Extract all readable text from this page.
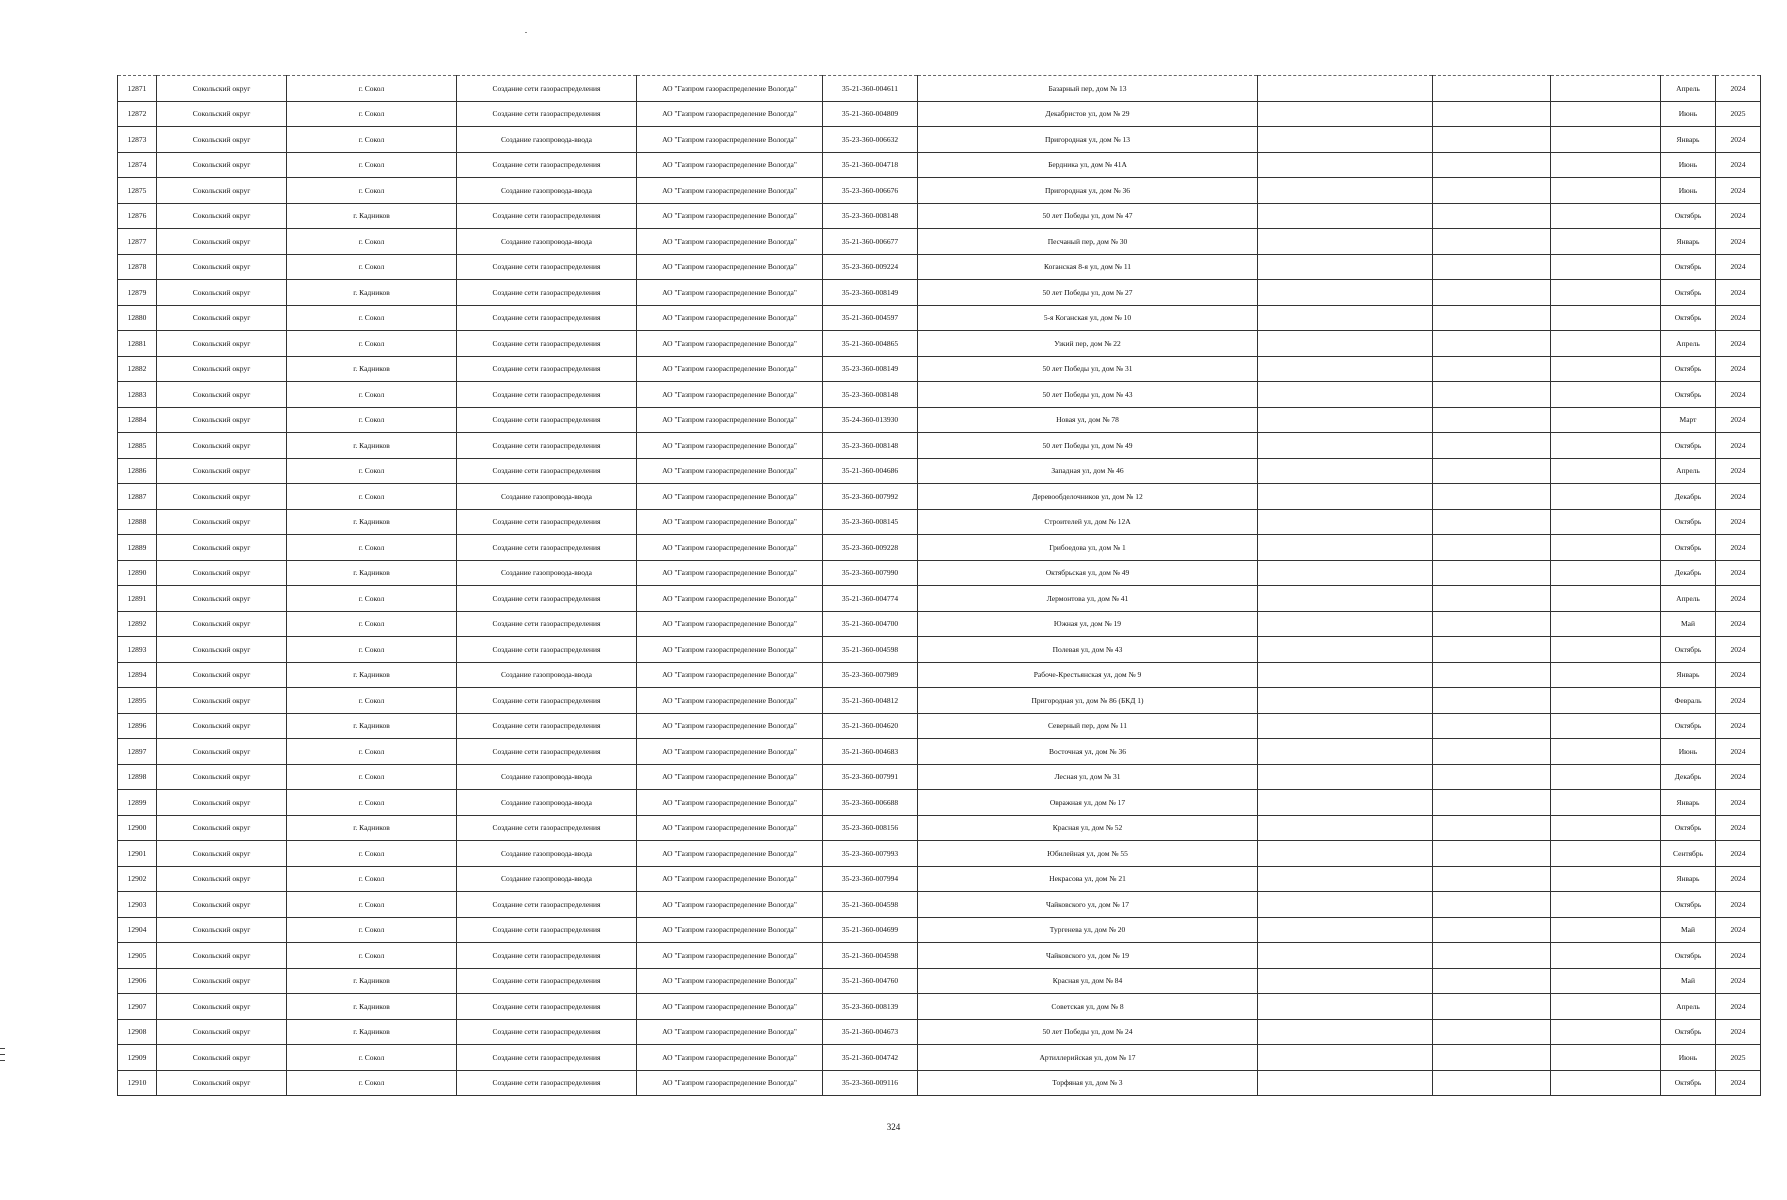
12871	Сокольский округ	г. Сокол	Создание сети газораспределения	АО "Газпром газораспределение Вологда"	35-21-360-004611	Базарный пер, дом № 13				Апрель	2024
12872	Сокольский округ	г. Сокол	Создание сети газораспределения	АО "Газпром газораспределение Вологда"	35-21-360-004809	Декабристов ул, дом № 29				Июнь	2025
12873	Сокольский округ	г. Сокол	Создание газопровода-ввода	АО "Газпром газораспределение Вологда"	35-23-360-006632	Пригородная ул, дом № 13				Январь	2024
12874	Сокольский округ	г. Сокол	Создание сети газораспределения	АО "Газпром газораспределение Вологда"	35-21-360-004718	Бердника ул, дом № 41А				Июнь	2024
12875	Сокольский округ	г. Сокол	Создание газопровода-ввода	АО "Газпром газораспределение Вологда"	35-23-360-006676	Пригородная ул, дом № 36				Июнь	2024
12876	Сокольский округ	г. Кадников	Создание сети газораспределения	АО "Газпром газораспределение Вологда"	35-23-360-008148	50 лет Победы ул, дом № 47				Октябрь	2024
12877	Сокольский округ	г. Сокол	Создание газопровода-ввода	АО "Газпром газораспределение Вологда"	35-21-360-006677	Песчаный пер, дом № 30				Январь	2024
12878	Сокольский округ	г. Сокол	Создание сети газораспределения	АО "Газпром газораспределение Вологда"	35-23-360-009224	Коганская 8-я ул, дом № 11				Октябрь	2024
12879	Сокольский округ	г. Кадников	Создание сети газораспределения	АО "Газпром газораспределение Вологда"	35-23-360-008149	50 лет Победы ул, дом № 27				Октябрь	2024
12880	Сокольский округ	г. Сокол	Создание сети газораспределения	АО "Газпром газораспределение Вологда"	35-21-360-004597	5-я Коганская ул, дом № 10				Октябрь	2024
12881	Сокольский округ	г. Сокол	Создание сети газораспределения	АО "Газпром газораспределение Вологда"	35-21-360-004865	Узкий пер, дом № 22				Апрель	2024
12882	Сокольский округ	г. Кадников	Создание сети газораспределения	АО "Газпром газораспределение Вологда"	35-23-360-008149	50 лет Победы ул, дом № 31				Октябрь	2024
12883	Сокольский округ	г. Сокол	Создание сети газораспределения	АО "Газпром газораспределение Вологда"	35-23-360-008148	50 лет Победы ул, дом № 43				Октябрь	2024
12884	Сокольский округ	г. Сокол	Создание сети газораспределения	АО "Газпром газораспределение Вологда"	35-24-360-013930	Новая ул, дом № 78				Март	2024
12885	Сокольский округ	г. Кадников	Создание сети газораспределения	АО "Газпром газораспределение Вологда"	35-23-360-008148	50 лет Победы ул, дом № 49				Октябрь	2024
12886	Сокольский округ	г. Сокол	Создание сети газораспределения	АО "Газпром газораспределение Вологда"	35-21-360-004686	Западная ул, дом № 46				Апрель	2024
12887	Сокольский округ	г. Сокол	Создание газопровода-ввода	АО "Газпром газораспределение Вологда"	35-23-360-007992	Деревообделочников ул, дом № 12				Декабрь	2024
12888	Сокольский округ	г. Кадников	Создание сети газораспределения	АО "Газпром газораспределение Вологда"	35-23-360-008145	Строителей ул, дом № 12А				Октябрь	2024
12889	Сокольский округ	г. Сокол	Создание сети газораспределения	АО "Газпром газораспределение Вологда"	35-23-360-009228	Грибоедова ул, дом № 1				Октябрь	2024
12890	Сокольский округ	г. Кадников	Создание газопровода-ввода	АО "Газпром газораспределение Вологда"	35-23-360-007990	Октябрьская ул, дом № 49				Декабрь	2024
12891	Сокольский округ	г. Сокол	Создание сети газораспределения	АО "Газпром газораспределение Вологда"	35-21-360-004774	Лермонтова ул, дом № 41				Апрель	2024
12892	Сокольский округ	г. Сокол	Создание сети газораспределения	АО "Газпром газораспределение Вологда"	35-21-360-004700	Южная ул, дом № 19				Май	2024
12893	Сокольский округ	г. Сокол	Создание сети газораспределения	АО "Газпром газораспределение Вологда"	35-21-360-004598	Полевая ул, дом № 43				Октябрь	2024
12894	Сокольский округ	г. Кадников	Создание газопровода-ввода	АО "Газпром газораспределение Вологда"	35-23-360-007989	Рабоче-Крестьянская ул, дом № 9				Январь	2024
12895	Сокольский округ	г. Сокол	Создание сети газораспределения	АО "Газпром газораспределение Вологда"	35-21-360-004812	Пригородная ул, дом № 86 (БКД 1)				Февраль	2024
12896	Сокольский округ	г. Кадников	Создание сети газораспределения	АО "Газпром газораспределение Вологда"	35-21-360-004620	Северный пер, дом № 11				Октябрь	2024
12897	Сокольский округ	г. Сокол	Создание сети газораспределения	АО "Газпром газораспределение Вологда"	35-21-360-004683	Восточная ул, дом № 36				Июнь	2024
12898	Сокольский округ	г. Сокол	Создание газопровода-ввода	АО "Газпром газораспределение Вологда"	35-23-360-007991	Лесная ул, дом № 31				Декабрь	2024
12899	Сокольский округ	г. Сокол	Создание газопровода-ввода	АО "Газпром газораспределение Вологда"	35-23-360-006688	Овражная ул, дом № 17				Январь	2024
12900	Сокольский округ	г. Кадников	Создание сети газораспределения	АО "Газпром газораспределение Вологда"	35-23-360-008156	Красная ул, дом № 52				Октябрь	2024
12901	Сокольский округ	г. Сокол	Создание газопровода-ввода	АО "Газпром газораспределение Вологда"	35-23-360-007993	Юбилейная ул, дом № 55				Сентябрь	2024
12902	Сокольский округ	г. Сокол	Создание газопровода-ввода	АО "Газпром газораспределение Вологда"	35-23-360-007994	Некрасова ул, дом № 21				Январь	2024
12903	Сокольский округ	г. Сокол	Создание сети газораспределения	АО "Газпром газораспределение Вологда"	35-21-360-004598	Чайковского ул, дом № 17				Октябрь	2024
12904	Сокольский округ	г. Сокол	Создание сети газораспределения	АО "Газпром газораспределение Вологда"	35-21-360-004699	Тургенева ул, дом № 20				Май	2024
12905	Сокольский округ	г. Сокол	Создание сети газораспределения	АО "Газпром газораспределение Вологда"	35-21-360-004598	Чайковского ул, дом № 19				Октябрь	2024
12906	Сокольский округ	г. Кадников	Создание сети газораспределения	АО "Газпром газораспределение Вологда"	35-21-360-004760	Красная ул, дом № 84				Май	2024
12907	Сокольский округ	г. Кадников	Создание сети газораспределения	АО "Газпром газораспределение Вологда"	35-23-360-008139	Советская ул, дом № 8				Апрель	2024
12908	Сокольский округ	г. Кадников	Создание сети газораспределения	АО "Газпром газораспределение Вологда"	35-21-360-004673	50 лет Победы ул, дом № 24				Октябрь	2024
12909	Сокольский округ	г. Сокол	Создание сети газораспределения	АО "Газпром газораспределение Вологда"	35-21-360-004742	Артиллерийская ул, дом № 17				Июнь	2025
12910	Сокольский округ	г. Сокол	Создание сети газораспределения	АО "Газпром газораспределение Вологда"	35-23-360-009116	Торфяная ул, дом № 3				Октябрь	2024
324
